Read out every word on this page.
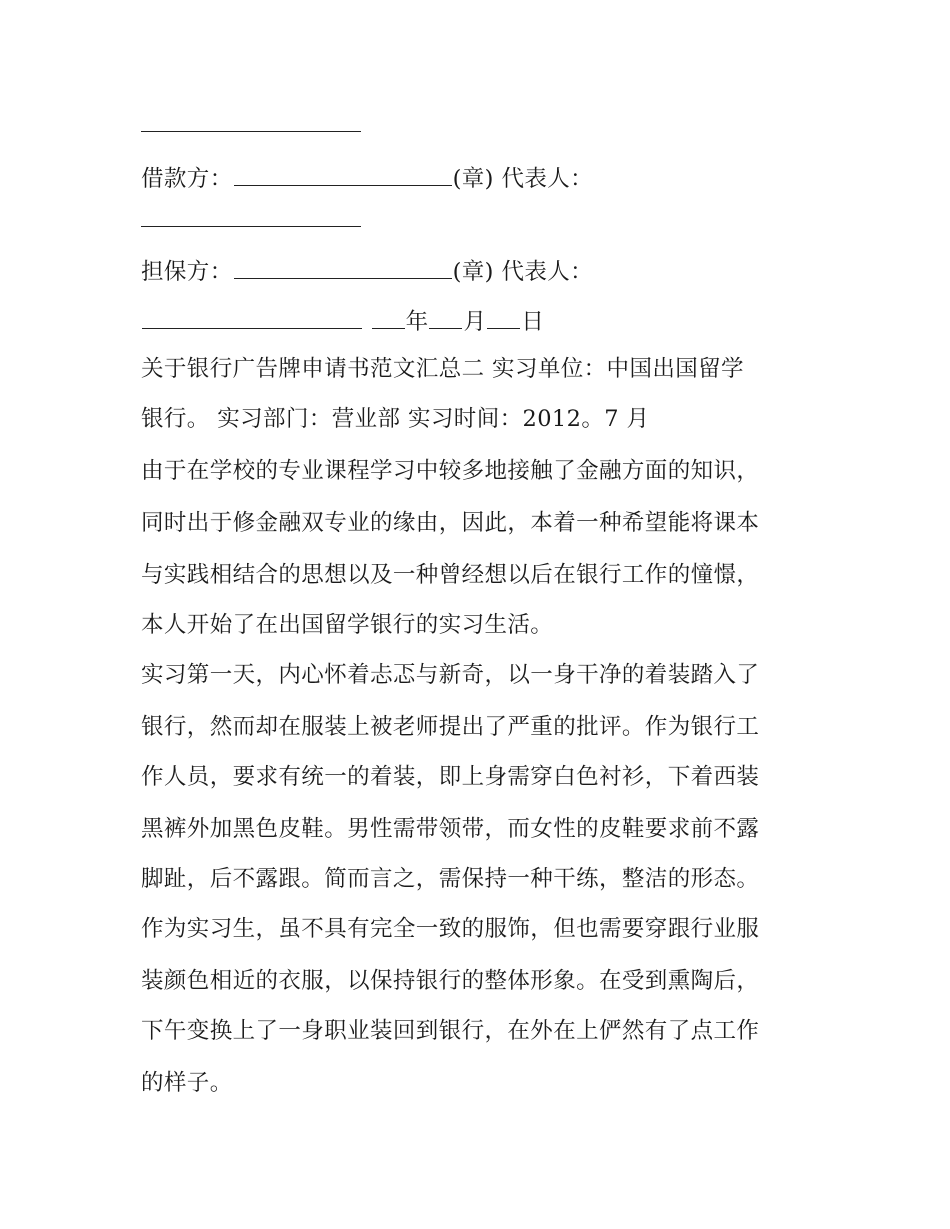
借款方：	(章) 代表人：
担保方：	(章) 代表人：
年 月 日
关于银行广告牌申请书范文汇总二 实习单位：中国出国留学
银行。 实习部门：营业部 实习时间：2012。7 月
由于在学校的专业课程学习中较多地接触了金融方面的知识，
同时出于修金融双专业的缘由，因此，本着一种希望能将课本
与实践相结合的思想以及一种曾经想以后在银行工作的憧憬，
本人开始了在出国留学银行的实习生活。
实习第一天，内心怀着忐忑与新奇，以一身干净的着装踏入了
银行，然而却在服装上被老师提出了严重的批评。作为银行工
作人员，要求有统一的着装，即上身需穿白色衬衫，下着西装
黑裤外加黑色皮鞋。男性需带领带，而女性的皮鞋要求前不露
脚趾，后不露跟。简而言之，需保持一种干练，整洁的形态。
作为实习生，虽不具有完全一致的服饰，但也需要穿跟行业服
装颜色相近的衣服，以保持银行的整体形象。在受到熏陶后，
下午变换上了一身职业装回到银行，在外在上俨然有了点工作
的样子。
